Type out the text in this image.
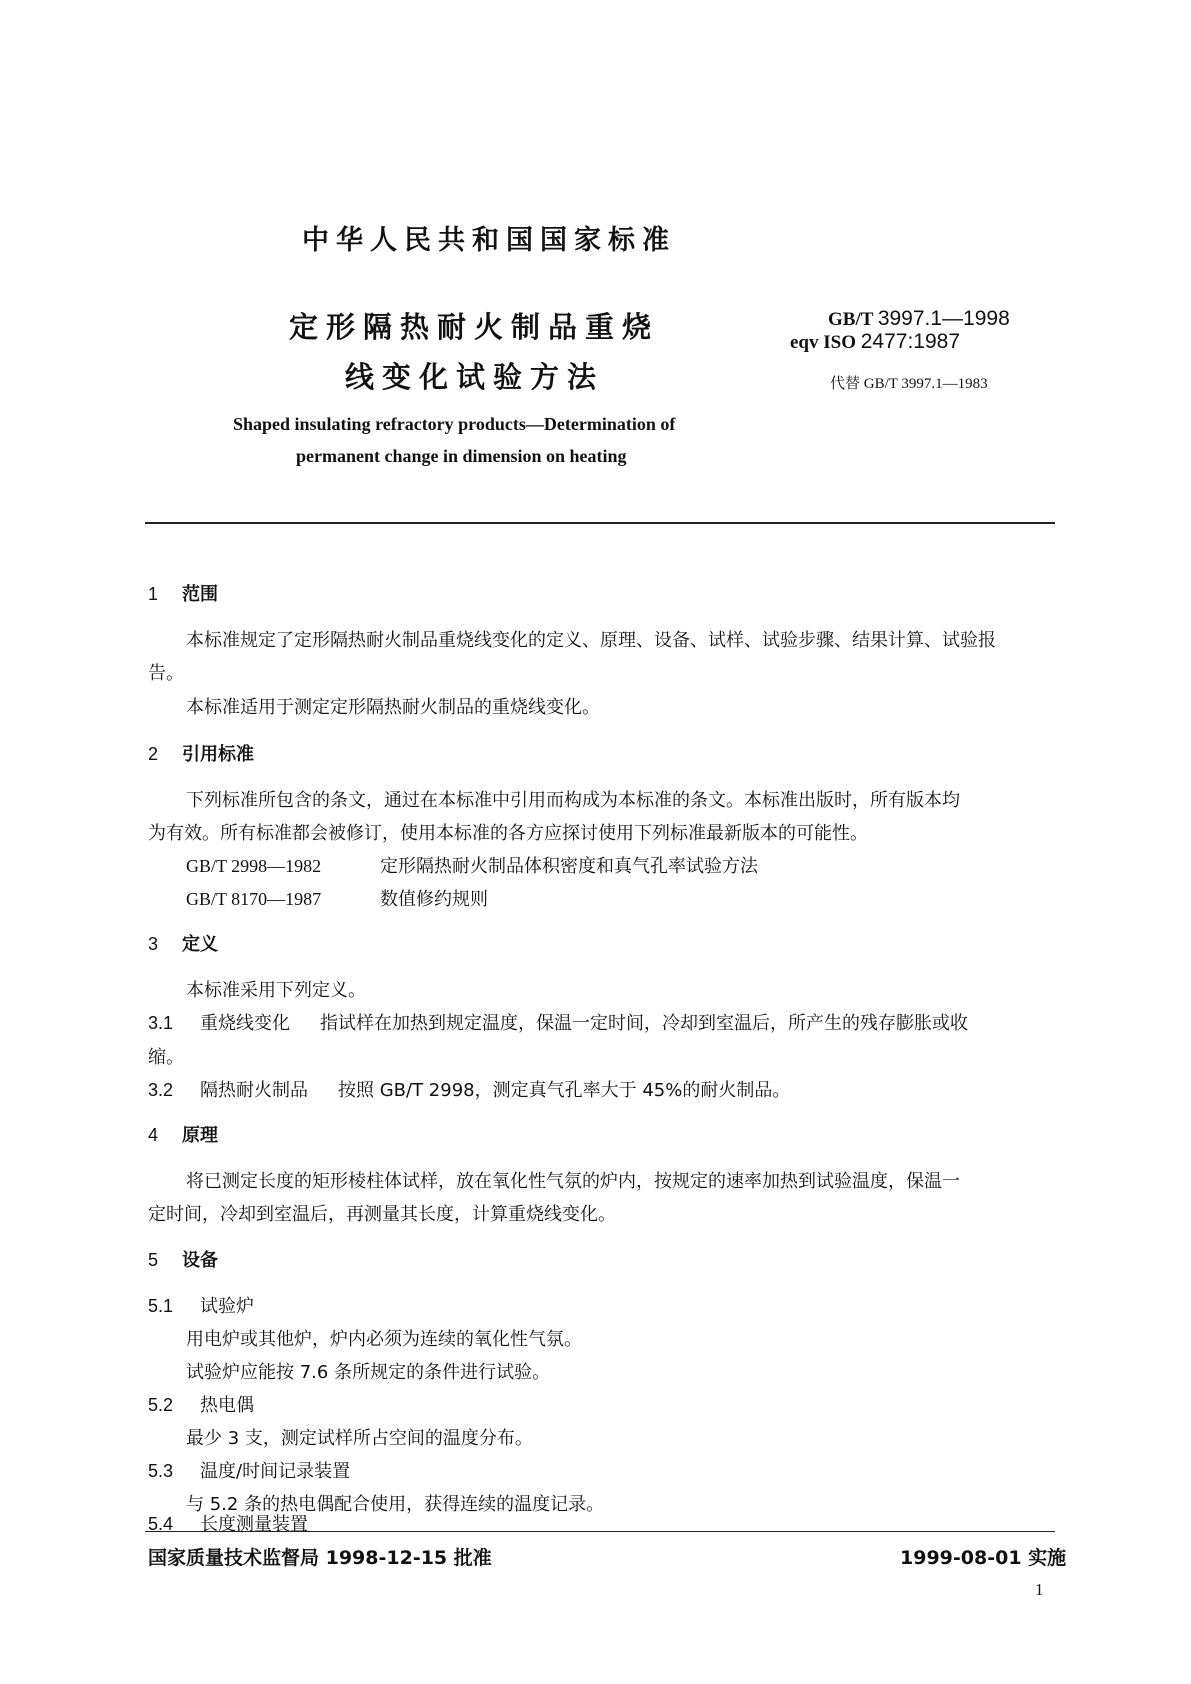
中华人民共和国国家标准
定形隔热耐火制品重烧
线变化试验方法
GB/T 3997.1—1998
eqv ISO 2477:1987
代替 GB/T 3997.1—1983
Shaped insulating refractory products—Determination of
permanent change in dimension on heating
1 范围
本标准规定了定形隔热耐火制品重烧线变化的定义、原理、设备、试样、试验步骤、结果计算、试验报
告。
本标准适用于测定定形隔热耐火制品的重烧线变化。
2 引用标准
下列标准所包含的条文，通过在本标准中引用而构成为本标准的条文。本标准出版时，所有版本均
为有效。所有标准都会被修订，使用本标准的各方应探讨使用下列标准最新版本的可能性。
GB/T 2998—1982	定形隔热耐火制品体积密度和真气孔率试验方法
GB/T 8170—1987	数值修约规则
3 定义
本标准采用下列定义。
3.1 重烧线变化 指试样在加热到规定温度，保温一定时间，冷却到室温后，所产生的残存膨胀或收
缩。
3.2 隔热耐火制品 按照 GB/T 2998，测定真气孔率大于 45%的耐火制品。
4 原理
将已测定长度的矩形棱柱体试样，放在氧化性气氛的炉内，按规定的速率加热到试验温度，保温一
定时间，冷却到室温后，再测量其长度，计算重烧线变化。
5 设备
5.1 试验炉
用电炉或其他炉，炉内必须为连续的氧化性气氛。
试验炉应能按 7.6 条所规定的条件进行试验。
5.2 热电偶
最少 3 支，测定试样所占空间的温度分布。
5.3 温度/时间记录装置
与 5.2 条的热电偶配合使用，获得连续的温度记录。
5.4 长度测量装置
国家质量技术监督局 1998-12-15 批准	1999-08-01 实施
1
